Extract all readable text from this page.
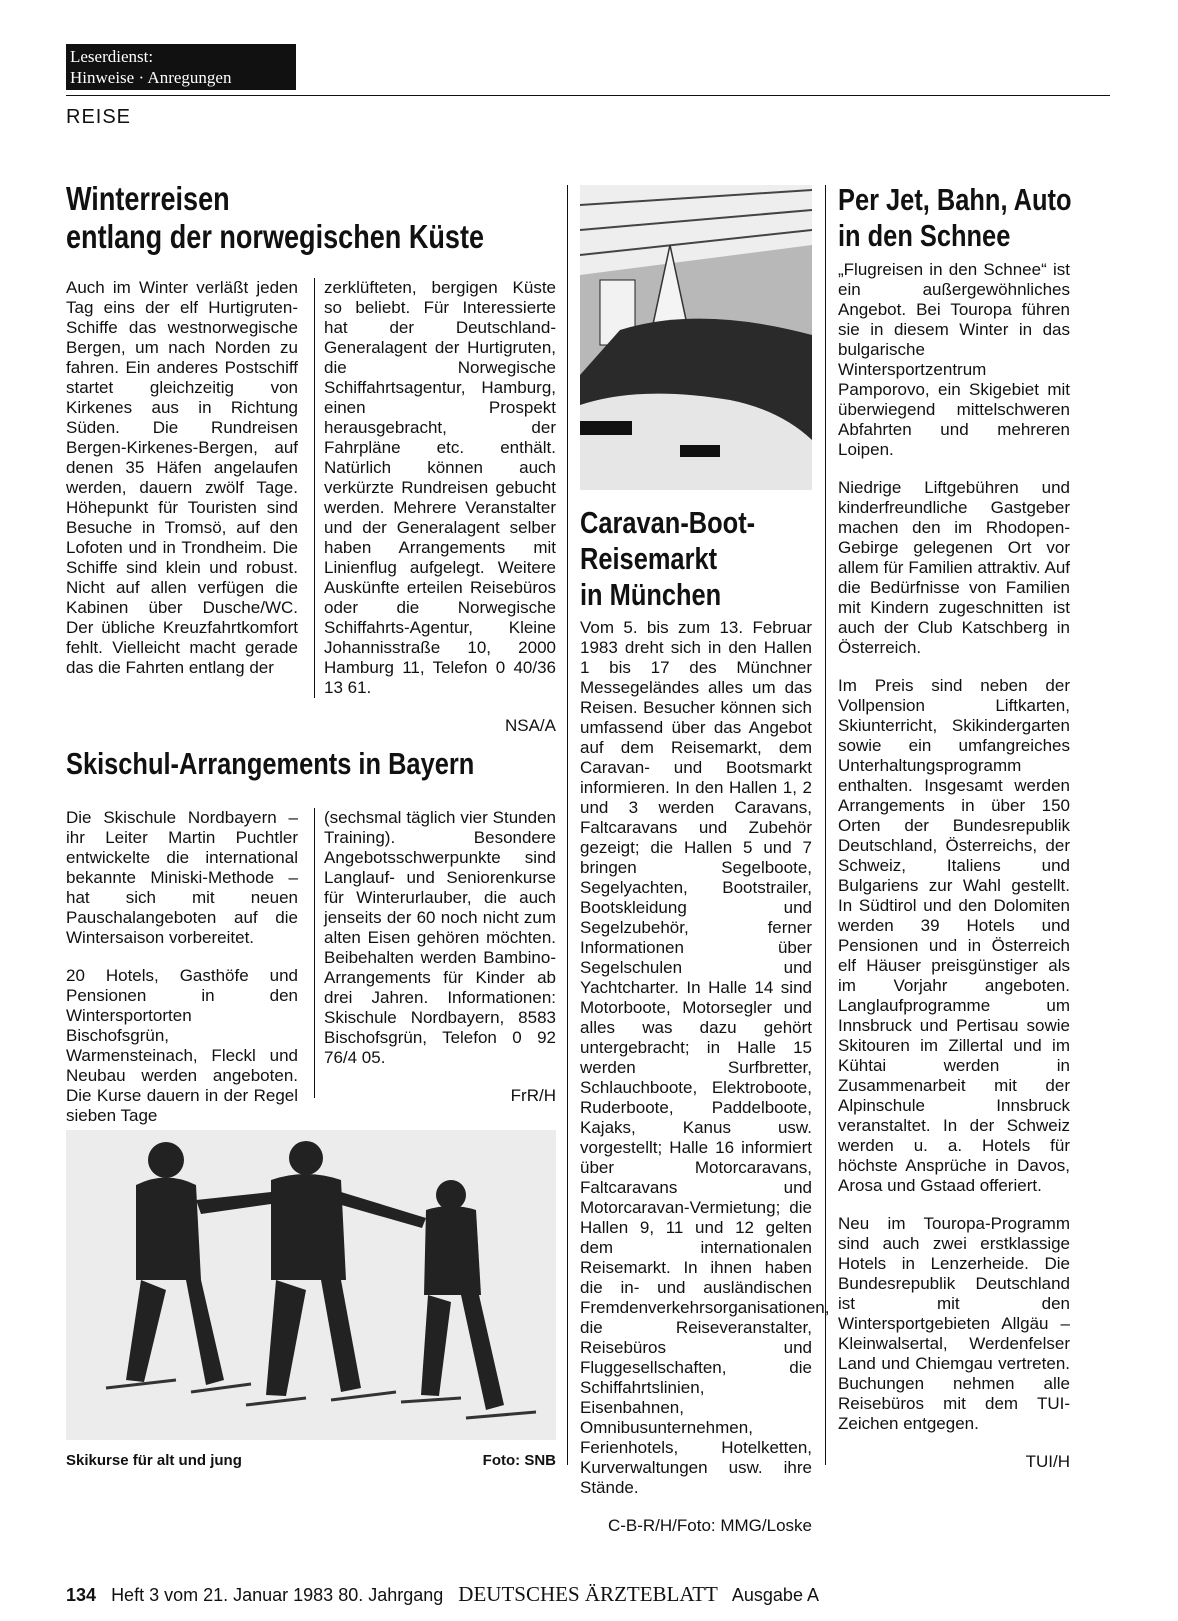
Leserdienst:
Hinweise · Anregungen
REISE
Winterreisen
entlang der norwegischen Küste

Auch im Winter verläßt jeden Tag eins der elf Hurtigruten-Schiffe das westnorwegische Bergen, um nach Norden zu fahren. Ein anderes Postschiff startet gleichzeitig von Kirkenes aus in Richtung Süden. Die Rundreisen Bergen-Kirkenes-Bergen, auf denen 35 Häfen angelaufen werden, dauern zwölf Tage. Höhepunkt für Touristen sind Besuche in Tromsö, auf den Lofoten und in Trondheim. Die Schiffe sind klein und robust. Nicht auf allen verfügen die Kabinen über Dusche/WC. Der übliche Kreuzfahrtkomfort fehlt. Vielleicht macht gerade das die Fahrten entlang der

zerklüfteten, bergigen Küste so beliebt. Für Interessierte hat der Deutschland-Generalagent der Hurtigruten, die Norwegische Schiffahrtsagentur, Hamburg, einen Prospekt herausgebracht, der Fahrpläne etc. enthält. Natürlich können auch verkürzte Rundreisen gebucht werden. Mehrere Veranstalter und der Generalagent selber haben Arrangements mit Linienflug aufgelegt. Weitere Auskünfte erteilen Reisebüros oder die Norwegische Schiffahrts-Agentur, Kleine Johannisstraße 10, 2000 Hamburg 11, Telefon 0 40/36 13 61.

NSA/A
Skischul-Arrangements in Bayern

Die Skischule Nordbayern – ihr Leiter Martin Puchtler entwickelte die international bekannte Miniski-Methode – hat sich mit neuen Pauschalangeboten auf die Wintersaison vorbereitet.

20 Hotels, Gasthöfe und Pensionen in den Wintersportorten Bischofsgrün, Warmensteinach, Fleckl und Neubau werden angeboten. Die Kurse dauern in der Regel sieben Tage

(sechsmal täglich vier Stunden Training). Besondere Angebotsschwerpunkte sind Langlauf- und Seniorenkurse für Winterurlauber, die auch jenseits der 60 noch nicht zum alten Eisen gehören möchten. Beibehalten werden Bambino-Arrangements für Kinder ab drei Jahren. Informationen: Skischule Nordbayern, 8583 Bischofsgrün, Telefon 0 92 76/4 05.

FrR/H
Skikurse für alt und jung	Foto: SNB
Caravan-Boot-
Reisemarkt
in München

Vom 5. bis zum 13. Februar 1983 dreht sich in den Hallen 1 bis 17 des Münchner Messegeländes alles um das Reisen. Besucher können sich umfassend über das Angebot auf dem Reisemarkt, dem Caravan- und Bootsmarkt informieren. In den Hallen 1, 2 und 3 werden Caravans, Faltcaravans und Zubehör gezeigt; die Hallen 5 und 7 bringen Segelboote, Segelyachten, Bootstrailer, Bootskleidung und Segelzubehör, ferner Informationen über Segelschulen und Yachtcharter. In Halle 14 sind Motorboote, Motorsegler und alles was dazu gehört untergebracht; in Halle 15 werden Surfbretter, Schlauchboote, Elektroboote, Ruderboote, Paddelboote, Kajaks, Kanus usw. vorgestellt; Halle 16 informiert über Motorcaravans, Faltcaravans und Motorcaravan-Vermietung; die Hallen 9, 11 und 12 gelten dem internationalen Reisemarkt. In ihnen haben die in- und ausländischen Fremdenverkehrsorganisationen, die Reiseveranstalter, Reisebüros und Fluggesellschaften, die Schiffahrtslinien, Eisenbahnen, Omnibusunternehmen, Ferienhotels, Hotelketten, Kurverwaltungen usw. ihre Stände.

C-B-R/H/Foto: MMG/Loske
Per Jet, Bahn, Auto
in den Schnee

„Flugreisen in den Schnee“ ist ein außergewöhnliches Angebot. Bei Touropa führen sie in diesem Winter in das bulgarische Wintersportzentrum Pamporovo, ein Skigebiet mit überwiegend mittelschweren Abfahrten und mehreren Loipen.

Niedrige Liftgebühren und kinderfreundliche Gastgeber machen den im Rhodopen-Gebirge gelegenen Ort vor allem für Familien attraktiv. Auf die Bedürfnisse von Familien mit Kindern zugeschnitten ist auch der Club Katschberg in Österreich.

Im Preis sind neben der Vollpension Liftkarten, Skiunterricht, Skikindergarten sowie ein umfangreiches Unterhaltungsprogramm enthalten. Insgesamt werden Arrangements in über 150 Orten der Bundesrepublik Deutschland, Österreichs, der Schweiz, Italiens und Bulgariens zur Wahl gestellt. In Südtirol und den Dolomiten werden 39 Hotels und Pensionen und in Österreich elf Häuser preisgünstiger als im Vorjahr angeboten. Langlaufprogramme um Innsbruck und Pertisau sowie Skitouren im Zillertal und im Kühtai werden in Zusammenarbeit mit der Alpinschule Innsbruck veranstaltet. In der Schweiz werden u. a. Hotels für höchste Ansprüche in Davos, Arosa und Gstaad offeriert.

Neu im Touropa-Programm sind auch zwei erstklassige Hotels in Lenzerheide. Die Bundesrepublik Deutschland ist mit den Wintersportgebieten Allgäu – Kleinwalsertal, Werdenfelser Land und Chiemgau vertreten. Buchungen nehmen alle Reisebüros mit dem TUI-Zeichen entgegen.

TUI/H
134 Heft 3 vom 21. Januar 1983 80. Jahrgang DEUTSCHES ÄRZTEBLATT Ausgabe A
